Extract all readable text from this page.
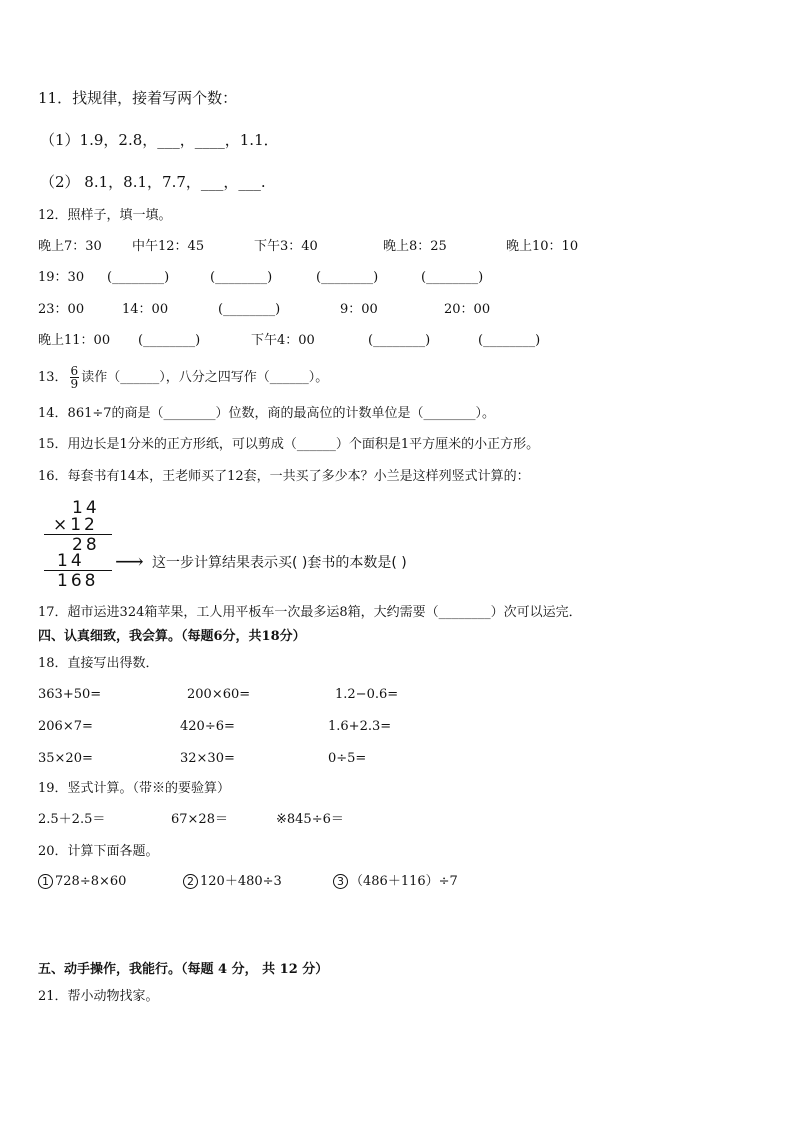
11．找规律，接着写两个数：
（1）1.9，2.8，___，____，1.1．
（2） 8.1，8.1，7.7，___，___.
12．照样子，填一填。
晚上7：30 中午12：45	下午3：40	晚上8：25	晚上10：10
19：30 (________)	(________)	(________)	(________)
23：00	14：00	(________)	9：00	20：00
晚上11：00 (________)	下午4：00	(________)	(________)
13． $\frac{6}{9}$ 读作（______），八分之四写作（______）。
14．861÷7的商是（________）位数，商的最高位的计数单位是（________）。
15．用边长是1分米的正方形纸，可以剪成（______）个面积是1平方厘米的小正方形。
16．每套书有14本，王老师买了12套，一共买了多少本？小兰是这样列竖式计算的：
14
×12
28
14
168
⟶ 这一步计算结果表示买( )套书的本数是( )
17．超市运进324箱苹果，工人用平板车一次最多运8箱，大约需要（________）次可以运完．
四、认真细致，我会算。（每题6分，共18分）
18．直接写出得数．
363+50=	200×60=	1.2−0.6=
206×7=	420÷6=	1.6+2.3=
35×20=	32×30=	0÷5=
19．竖式计算。（带※的要验算）
2.5＋2.5＝	67×28＝	※845÷6＝
20．计算下面各题。
1 728÷8×60	2 120＋480÷3	3 （486＋116）÷7
五、动手操作，我能行。（每题 4 分， 共 12 分）
21．帮小动物找家。
